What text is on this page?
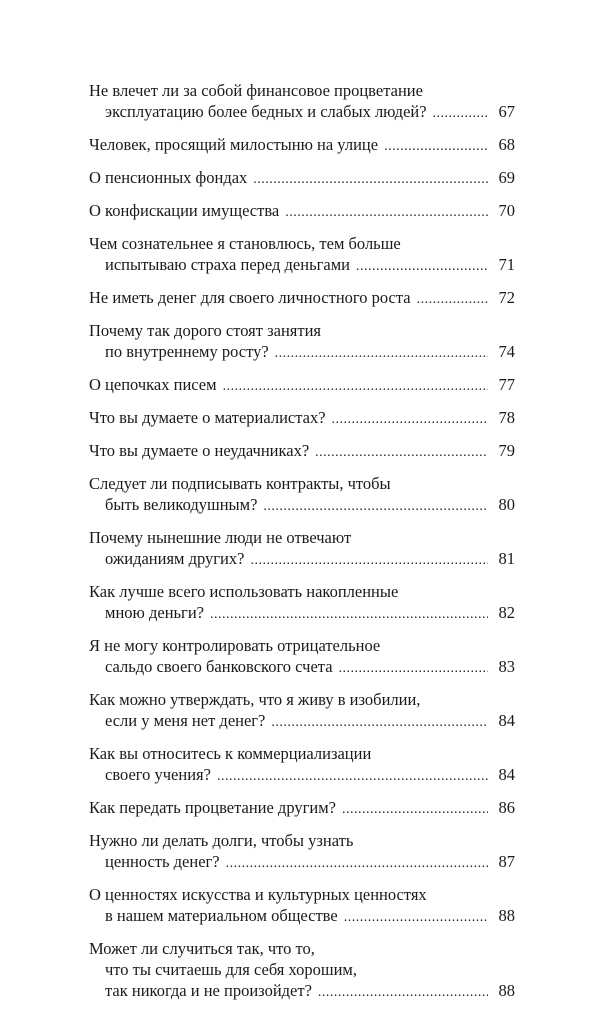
Не влечет ли за собой финансовое процветание
эксплуатацию более бедных и слабых людей? . . .	67
Человек, просящий милостыню на улице . . .	68
О пенсионных фондах . . .	69
О конфискации имущества . . .	70
Чем сознательнее я становлюсь, тем больше
испытываю страха перед деньгами . . .	71
Не иметь денег для своего личностного роста . . .	72
Почему так дорого стоят занятия
по внутреннему росту? . . .	74
О цепочках писем . . .	77
Что вы думаете о материалистах? . . .	78
Что вы думаете о неудачниках? . . .	79
Следует ли подписывать контракты, чтобы
быть великодушным? . . .	80
Почему нынешние люди не отвечают
ожиданиям других? . . .	81
Как лучше всего использовать накопленные
мною деньги? . . .	82
Я не могу контролировать отрицательное
сальдо своего банковского счета . . .	83
Как можно утверждать, что я живу в изобилии,
если у меня нет денег? . . .	84
Как вы относитесь к коммерциализации
своего учения? . . .	84
Как передать процветание другим? . . .	86
Нужно ли делать долги, чтобы узнать
ценность денег? . . .	87
О ценностях искусства и культурных ценностях
в нашем материальном обществе . . .	88
Может ли случиться так, что то,
что ты считаешь для себя хорошим,
так никогда и не произойдет? . . .	88
